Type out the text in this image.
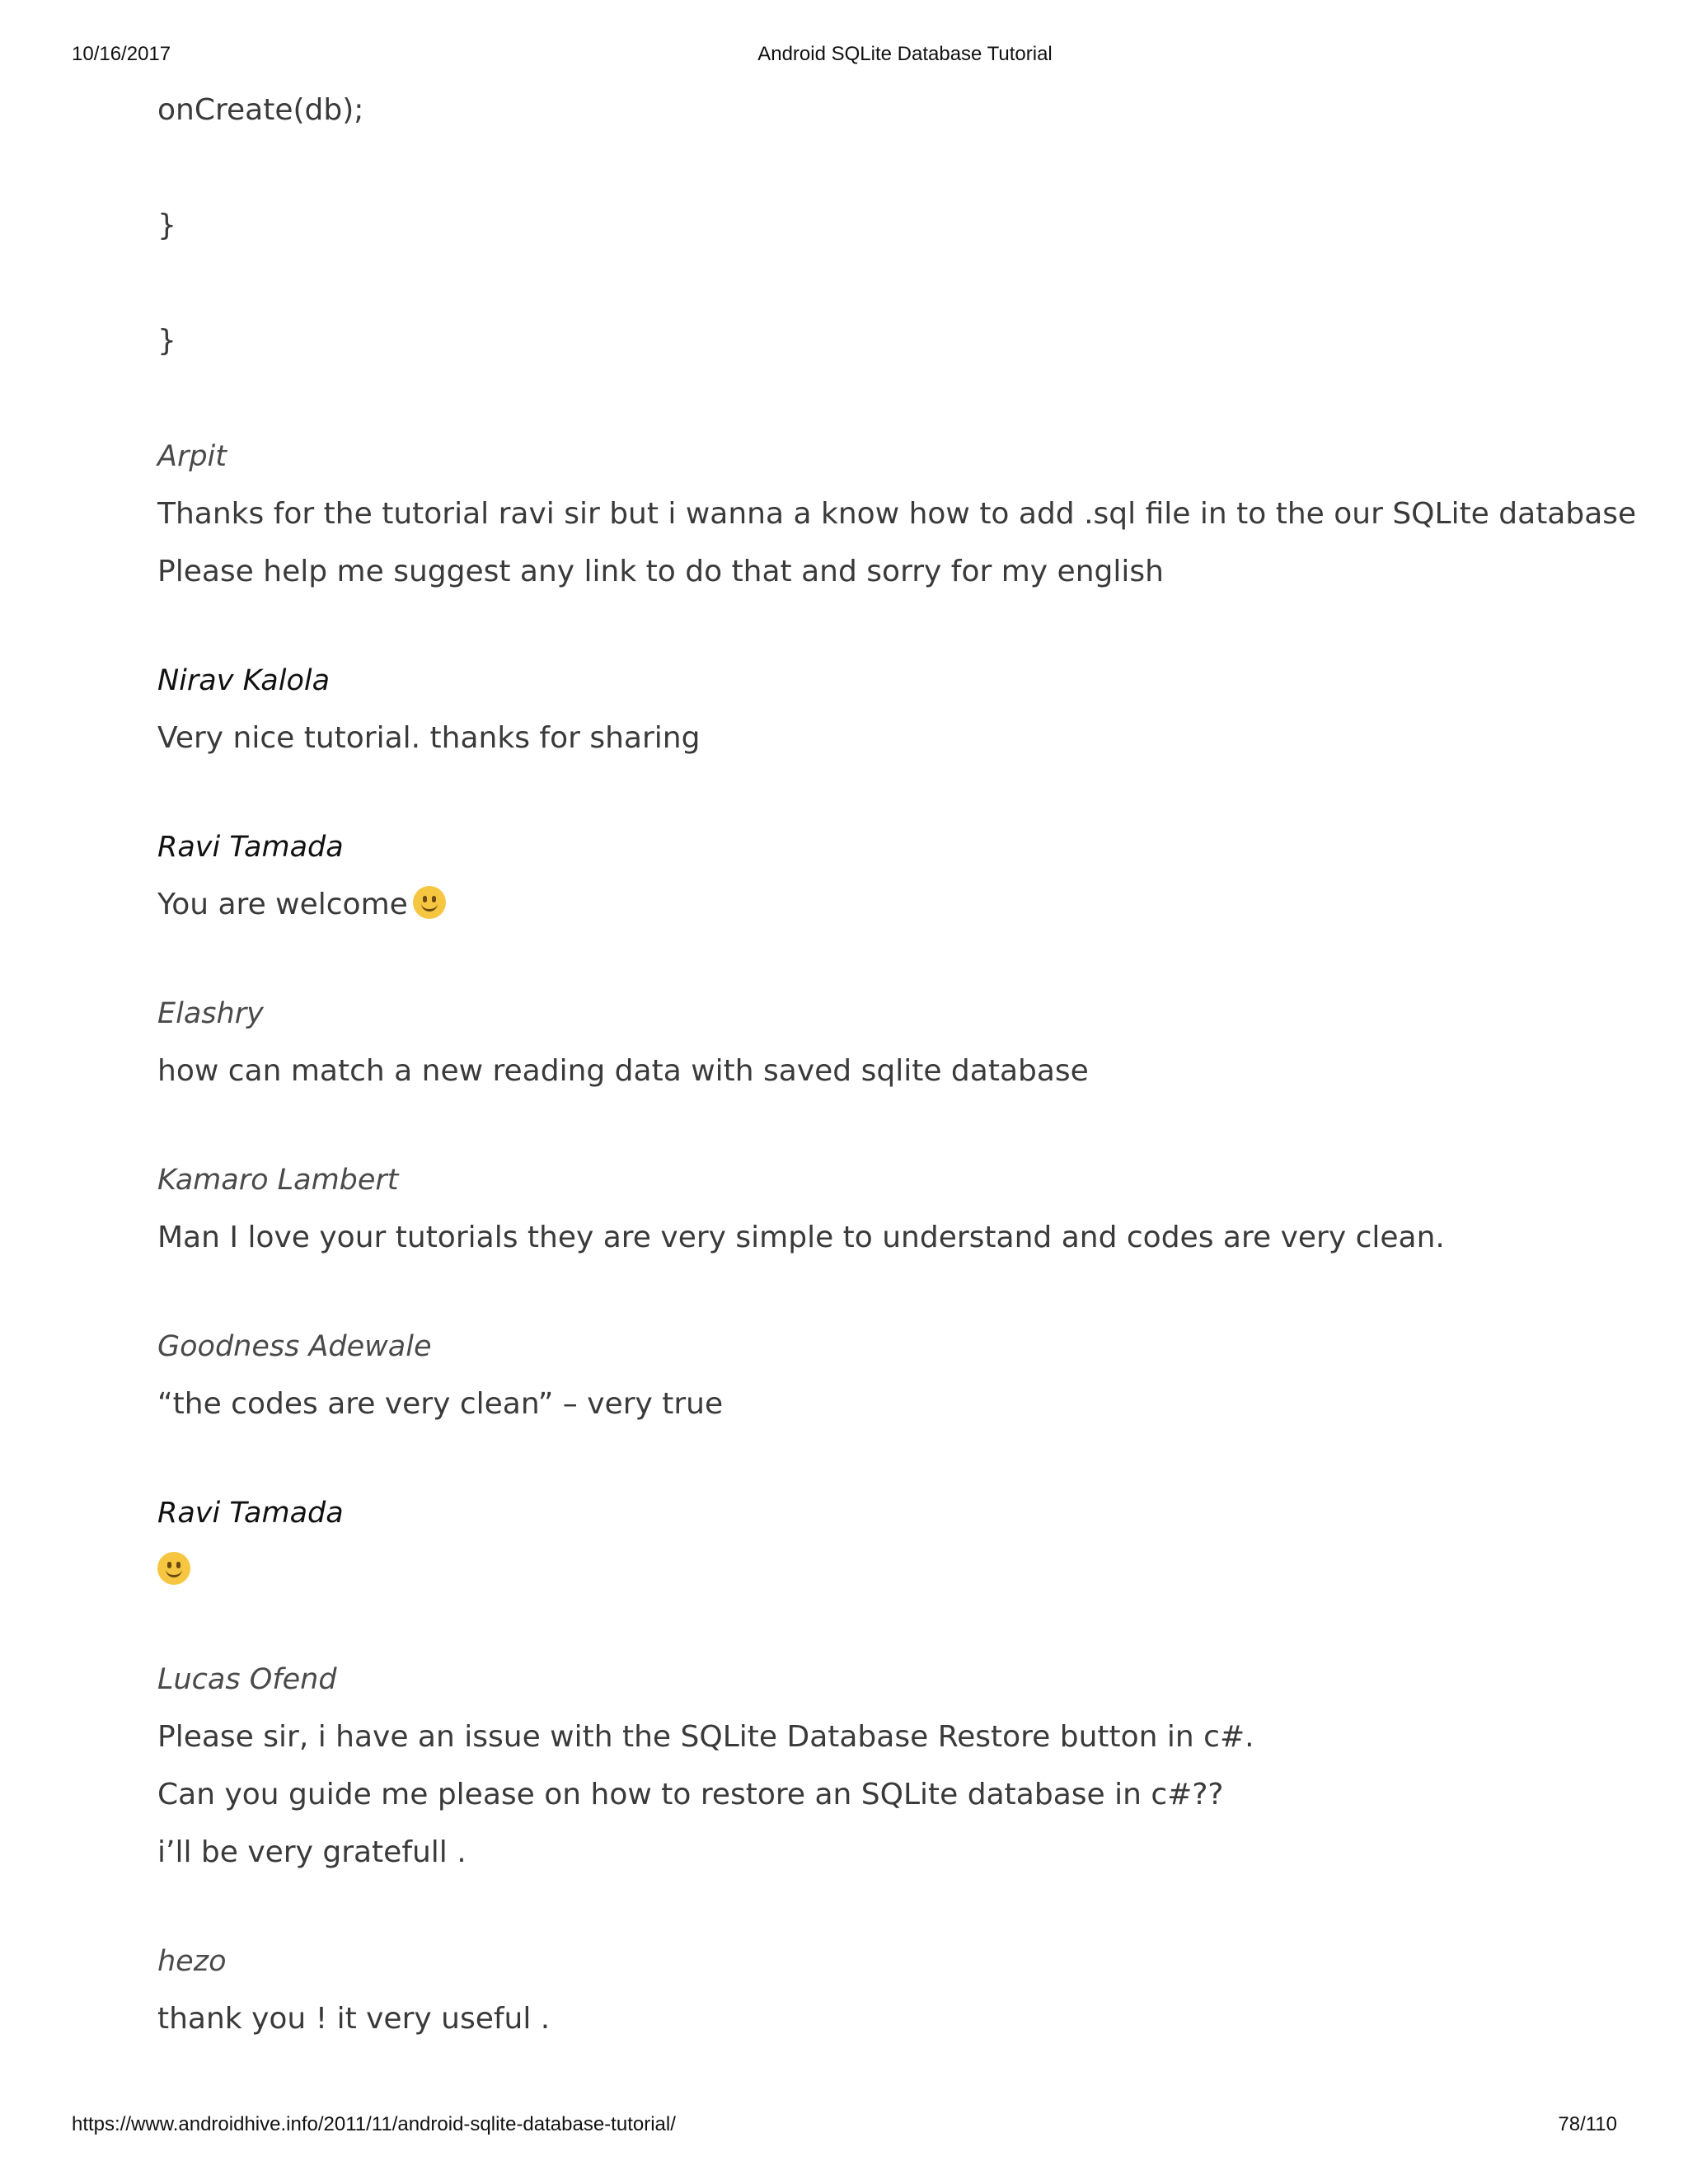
10/16/2017	Android SQLite Database Tutorial
onCreate(db);
}
}
Arpit
Thanks for the tutorial ravi sir but i wanna a know how to add .sql file in to the our SQLite database
Please help me suggest any link to do that and sorry for my english
Nirav Kalola
Very nice tutorial. thanks for sharing
Ravi Tamada
You are welcome
Elashry
how can match a new reading data with saved sqlite database
Kamaro Lambert
Man I love your tutorials they are very simple to understand and codes are very clean.
Goodness Adewale
“the codes are very clean” – very true
Ravi Tamada
Lucas Ofend
Please sir, i have an issue with the SQLite Database Restore button in c#.
Can you guide me please on how to restore an SQLite database in c#??
i’ll be very gratefull .
hezo
thank you ! it very useful .
https://www.androidhive.info/2011/11/android-sqlite-database-tutorial/	78/110
